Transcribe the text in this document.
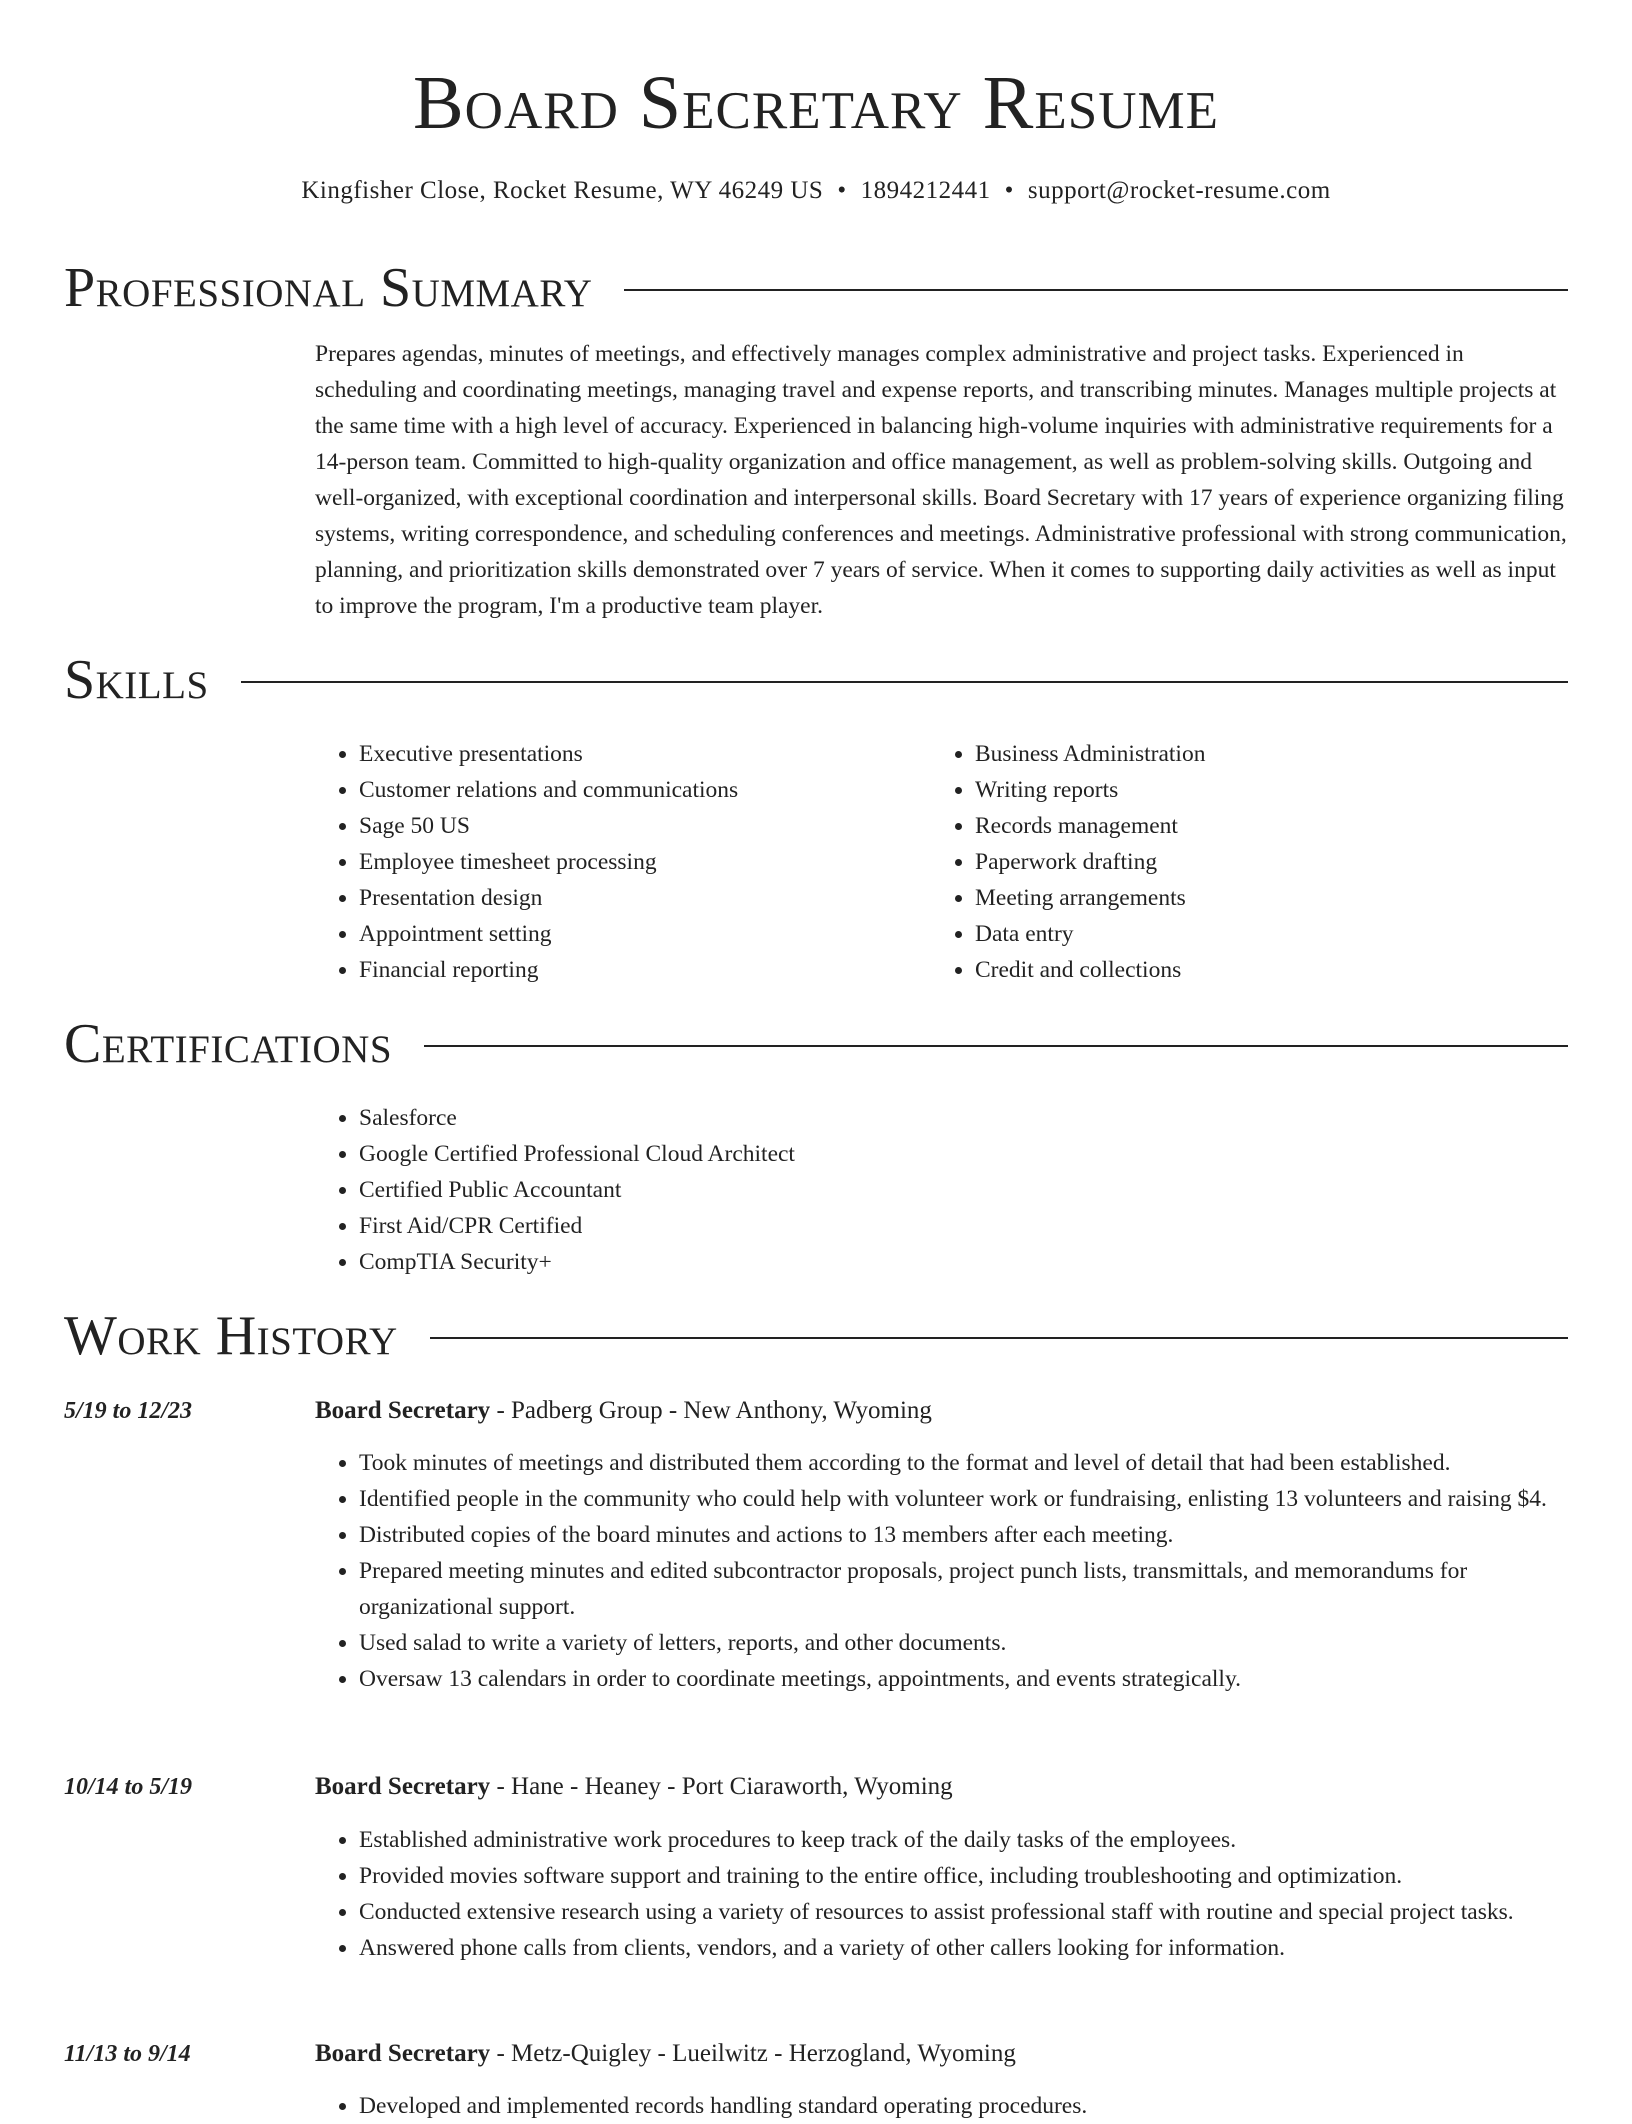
Board Secretary Resume
Kingfisher Close, Rocket Resume, WY 46249 US • 1894212441 • support@rocket-resume.com
Professional Summary
Prepares agendas, minutes of meetings, and effectively manages complex administrative and project tasks. Experienced in scheduling and coordinating meetings, managing travel and expense reports, and transcribing minutes. Manages multiple projects at the same time with a high level of accuracy. Experienced in balancing high-volume inquiries with administrative requirements for a 14-person team. Committed to high-quality organization and office management, as well as problem-solving skills. Outgoing and well-organized, with exceptional coordination and interpersonal skills. Board Secretary with 17 years of experience organizing filing systems, writing correspondence, and scheduling conferences and meetings. Administrative professional with strong communication, planning, and prioritization skills demonstrated over 7 years of service. When it comes to supporting daily activities as well as input to improve the program, I'm a productive team player.
Skills
• Executive presentations
• Customer relations and communications
• Sage 50 US
• Employee timesheet processing
• Presentation design
• Appointment setting
• Financial reporting
• Business Administration
• Writing reports
• Records management
• Paperwork drafting
• Meeting arrangements
• Data entry
• Credit and collections
Certifications
• Salesforce
• Google Certified Professional Cloud Architect
• Certified Public Accountant
• First Aid/CPR Certified
• CompTIA Security+
Work History
5/19 to 12/23	Board Secretary - Padberg Group - New Anthony, Wyoming
• Took minutes of meetings and distributed them according to the format and level of detail that had been established.
• Identified people in the community who could help with volunteer work or fundraising, enlisting 13 volunteers and raising $4.
• Distributed copies of the board minutes and actions to 13 members after each meeting.
• Prepared meeting minutes and edited subcontractor proposals, project punch lists, transmittals, and memorandums for organizational support.
• Used salad to write a variety of letters, reports, and other documents.
• Oversaw 13 calendars in order to coordinate meetings, appointments, and events strategically.
10/14 to 5/19	Board Secretary - Hane - Heaney - Port Ciaraworth, Wyoming
• Established administrative work procedures to keep track of the daily tasks of the employees.
• Provided movies software support and training to the entire office, including troubleshooting and optimization.
• Conducted extensive research using a variety of resources to assist professional staff with routine and special project tasks.
• Answered phone calls from clients, vendors, and a variety of other callers looking for information.
11/13 to 9/14	Board Secretary - Metz-Quigley - Lueilwitz - Herzogland, Wyoming
• Developed and implemented records handling standard operating procedures.
